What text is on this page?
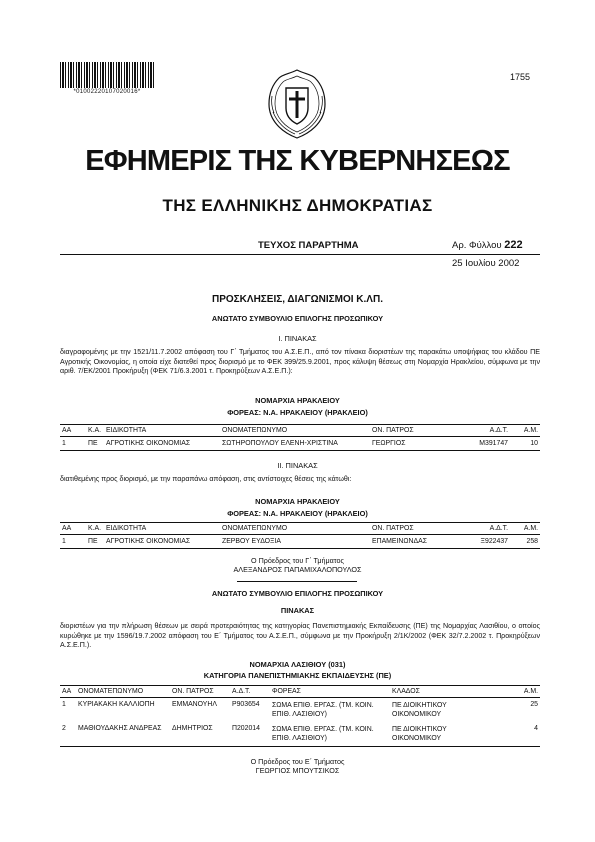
*01002220107020016*
1755
ΕΦΗΜΕΡΙΣ ΤΗΣ ΚΥΒΕΡΝΗΣΕΩΣ
ΤΗΣ ΕΛΛΗΝΙΚΗΣ ΔΗΜΟΚΡΑΤΙΑΣ
ΤΕΥΧΟΣ ΠΑΡΑΡΤΗΜΑ	Αρ. Φύλλου 222
25 Ιουλίου 2002
ΠΡΟΣΚΛΗΣΕΙΣ, ΔΙΑΓΩΝΙΣΜΟΙ Κ.ΛΠ.
ΑΝΩΤΑΤΟ ΣΥΜΒΟΥΛΙΟ ΕΠΙΛΟΓΗΣ ΠΡΟΣΩΠΙΚΟΥ
Ι. ΠΙΝΑΚΑΣ
διαγραφομένης με την 1521/11.7.2002 απόφαση του Γ΄ Τμήματος του Α.Σ.Ε.Π., από τον πίνακα διοριστέων της παρακάτω υποψήφιας του κλάδου ΠΕ Αγροτικής Οικονομίας, η οποία είχε διατεθεί προς διορισμό με το ΦΕΚ 399/25.9.2001, προς κάλυψη θέσεως στη Νομαρχία Ηρακλείου, σύμφωνα με την αριθ. 7/ΕΚ/2001 Προκήρυξη (ΦΕΚ 71/6.3.2001 τ. Προκηρύξεων Α.Σ.Ε.Π.):
ΝΟΜΑΡΧΙΑ ΗΡΑΚΛΕΙΟΥ
ΦΟΡΕΑΣ: Ν.Α. ΗΡΑΚΛΕΙΟΥ (ΗΡΑΚΛΕΙΟ)
ΑΑ	Κ.Α.	ΕΙΔΙΚΟΤΗΤΑ	ΟΝΟΜΑΤΕΠΩΝΥΜΟ	ΟΝ. ΠΑΤΡΟΣ	Α.Δ.Τ.	Α.Μ.
1	ΠΕ	ΑΓΡΟΤΙΚΗΣ ΟΙΚΟΝΟΜΙΑΣ	ΣΩΤΗΡΟΠΟΥΛΟΥ ΕΛΕΝΗ-ΧΡΙΣΤΙΝΑ	ΓΕΩΡΓΙΟΣ	Μ391747	10
ΙΙ. ΠΙΝΑΚΑΣ
διατιθεμένης προς διορισμό, με την παραπάνω απόφαση, στις αντίστοιχες θέσεις της κάτωθι:
ΝΟΜΑΡΧΙΑ ΗΡΑΚΛΕΙΟΥ
ΦΟΡΕΑΣ: Ν.Α. ΗΡΑΚΛΕΙΟΥ (ΗΡΑΚΛΕΙΟ)
ΑΑ	Κ.Α.	ΕΙΔΙΚΟΤΗΤΑ	ΟΝΟΜΑΤΕΠΩΝΥΜΟ	ΟΝ. ΠΑΤΡΟΣ	Α.Δ.Τ.	Α.Μ.
1	ΠΕ	ΑΓΡΟΤΙΚΗΣ ΟΙΚΟΝΟΜΙΑΣ	ΖΕΡΒΟΥ ΕΥΔΟΞΙΑ	ΕΠΑΜΕΙΝΩΝΔΑΣ	Ξ922437	258
Ο Πρόεδρος του Γ΄ Τμήματος
ΑΛΕΞΑΝΔΡΟΣ ΠΑΠΑΜΙΧΑΛΟΠΟΥΛΟΣ
ΑΝΩΤΑΤΟ ΣΥΜΒΟΥΛΙΟ ΕΠΙΛΟΓΗΣ ΠΡΟΣΩΠΙΚΟΥ
ΠΙΝΑΚΑΣ
διοριστέων για την πλήρωση θέσεων με σειρά προτεραιότητας της κατηγορίας Πανεπιστημιακής Εκπαίδευσης (ΠΕ) της Νομαρχίας Λασιθίου, ο οποίος κυρώθηκε με την 1596/19.7.2002 απόφαση του Ε΄ Τμήματος του Α.Σ.Ε.Π., σύμφωνα με την Προκήρυξη 2/1Κ/2002 (ΦΕΚ 32/7.2.2002 τ. Προκηρύξεων Α.Σ.Ε.Π.).
ΝΟΜΑΡΧΙΑ ΛΑΣΙΘΙΟΥ (031)
ΚΑΤΗΓΟΡΙΑ ΠΑΝΕΠΙΣΤΗΜΙΑΚΗΣ ΕΚΠΑΙΔΕΥΣΗΣ (ΠΕ)
ΑΑ	ΟΝΟΜΑΤΕΠΩΝΥΜΟ	ΟΝ. ΠΑΤΡΟΣ	Α.Δ.Τ.	ΦΟΡΕΑΣ	ΚΛΑΔΟΣ	Α.Μ.
1	ΚΥΡΙΑΚΑΚΗ ΚΑΛΛΙΟΠΗ	ΕΜΜΑΝΟΥΗΛ	Ρ903654	ΣΩΜΑ ΕΠΙΘ. ΕΡΓΑΣ. (ΤΜ. ΚΟΙΝ. ΕΠΙΘ. ΛΑΣΙΘΙΟΥ)	ΠΕ ΔΙΟΙΚΗΤΙΚΟΥ ΟΙΚΟΝΟΜΙΚΟΥ	25
2	ΜΑΘΙΟΥΔΑΚΗΣ ΑΝΔΡΕΑΣ	ΔΗΜΗΤΡΙΟΣ	Π202014	ΣΩΜΑ ΕΠΙΘ. ΕΡΓΑΣ. (ΤΜ. ΚΟΙΝ. ΕΠΙΘ. ΛΑΣΙΘΙΟΥ)	ΠΕ ΔΙΟΙΚΗΤΙΚΟΥ ΟΙΚΟΝΟΜΙΚΟΥ	4
Ο Πρόεδρος του Ε΄ Τμήματος
ΓΕΩΡΓΙΟΣ ΜΠΟΥΤΣΙΚΟΣ
